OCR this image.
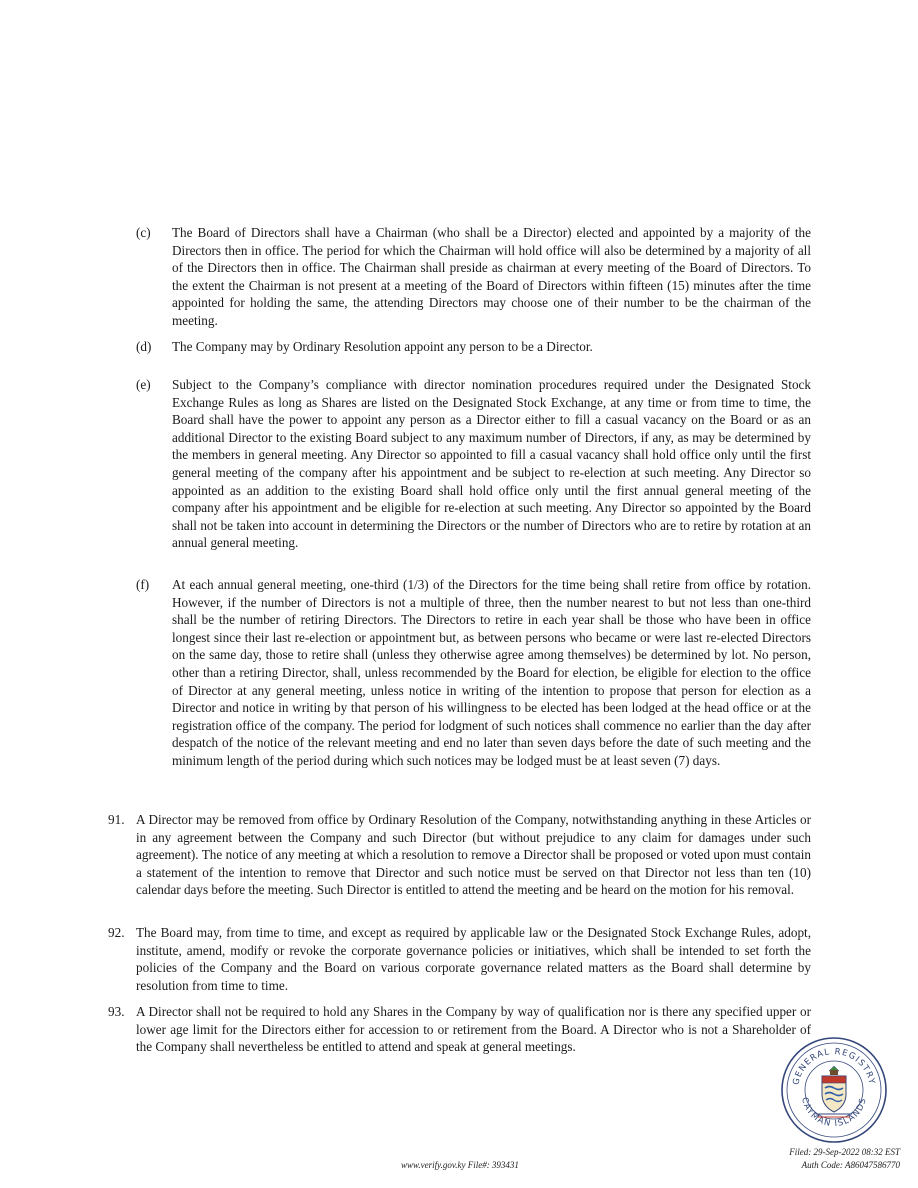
(c) The Board of Directors shall have a Chairman (who shall be a Director) elected and appointed by a majority of the Directors then in office. The period for which the Chairman will hold office will also be determined by a majority of all of the Directors then in office. The Chairman shall preside as chairman at every meeting of the Board of Directors. To the extent the Chairman is not present at a meeting of the Board of Directors within fifteen (15) minutes after the time appointed for holding the same, the attending Directors may choose one of their number to be the chairman of the meeting.

(d) The Company may by Ordinary Resolution appoint any person to be a Director.

(e) Subject to the Company’s compliance with director nomination procedures required under the Designated Stock Exchange Rules as long as Shares are listed on the Designated Stock Exchange, at any time or from time to time, the Board shall have the power to appoint any person as a Director either to fill a casual vacancy on the Board or as an additional Director to the existing Board subject to any maximum number of Directors, if any, as may be determined by the members in general meeting. Any Director so appointed to fill a casual vacancy shall hold office only until the first general meeting of the company after his appointment and be subject to re-election at such meeting. Any Director so appointed as an addition to the existing Board shall hold office only until the first annual general meeting of the company after his appointment and be eligible for re-election at such meeting. Any Director so appointed by the Board shall not be taken into account in determining the Directors or the number of Directors who are to retire by rotation at an annual general meeting.

(f) At each annual general meeting, one-third (1/3) of the Directors for the time being shall retire from office by rotation. However, if the number of Directors is not a multiple of three, then the number nearest to but not less than one-third shall be the number of retiring Directors. The Directors to retire in each year shall be those who have been in office longest since their last re-election or appointment but, as between persons who became or were last re-elected Directors on the same day, those to retire shall (unless they otherwise agree among themselves) be determined by lot. No person, other than a retiring Director, shall, unless recommended by the Board for election, be eligible for election to the office of Director at any general meeting, unless notice in writing of the intention to propose that person for election as a Director and notice in writing by that person of his willingness to be elected has been lodged at the head office or at the registration office of the company. The period for lodgment of such notices shall commence no earlier than the day after despatch of the notice of the relevant meeting and end no later than seven days before the date of such meeting and the minimum length of the period during which such notices may be lodged must be at least seven (7) days.

91. A Director may be removed from office by Ordinary Resolution of the Company, notwithstanding anything in these Articles or in any agreement between the Company and such Director (but without prejudice to any claim for damages under such agreement). The notice of any meeting at which a resolution to remove a Director shall be proposed or voted upon must contain a statement of the intention to remove that Director and such notice must be served on that Director not less than ten (10) calendar days before the meeting. Such Director is entitled to attend the meeting and be heard on the motion for his removal.

92. The Board may, from time to time, and except as required by applicable law or the Designated Stock Exchange Rules, adopt, institute, amend, modify or revoke the corporate governance policies or initiatives, which shall be intended to set forth the policies of the Company and the Board on various corporate governance related matters as the Board shall determine by resolution from time to time.

93. A Director shall not be required to hold any Shares in the Company by way of qualification nor is there any specified upper or lower age limit for the Directors either for accession to or retirement from the Board. A Director who is not a Shareholder of the Company shall nevertheless be entitled to attend and speak at general meetings.

GENERAL REGISTRY
CAYMAN ISLANDS
www.verify.gov.ky File#: 393431
Filed: 29-Sep-2022 08:32 EST
Auth Code: A86047586770
